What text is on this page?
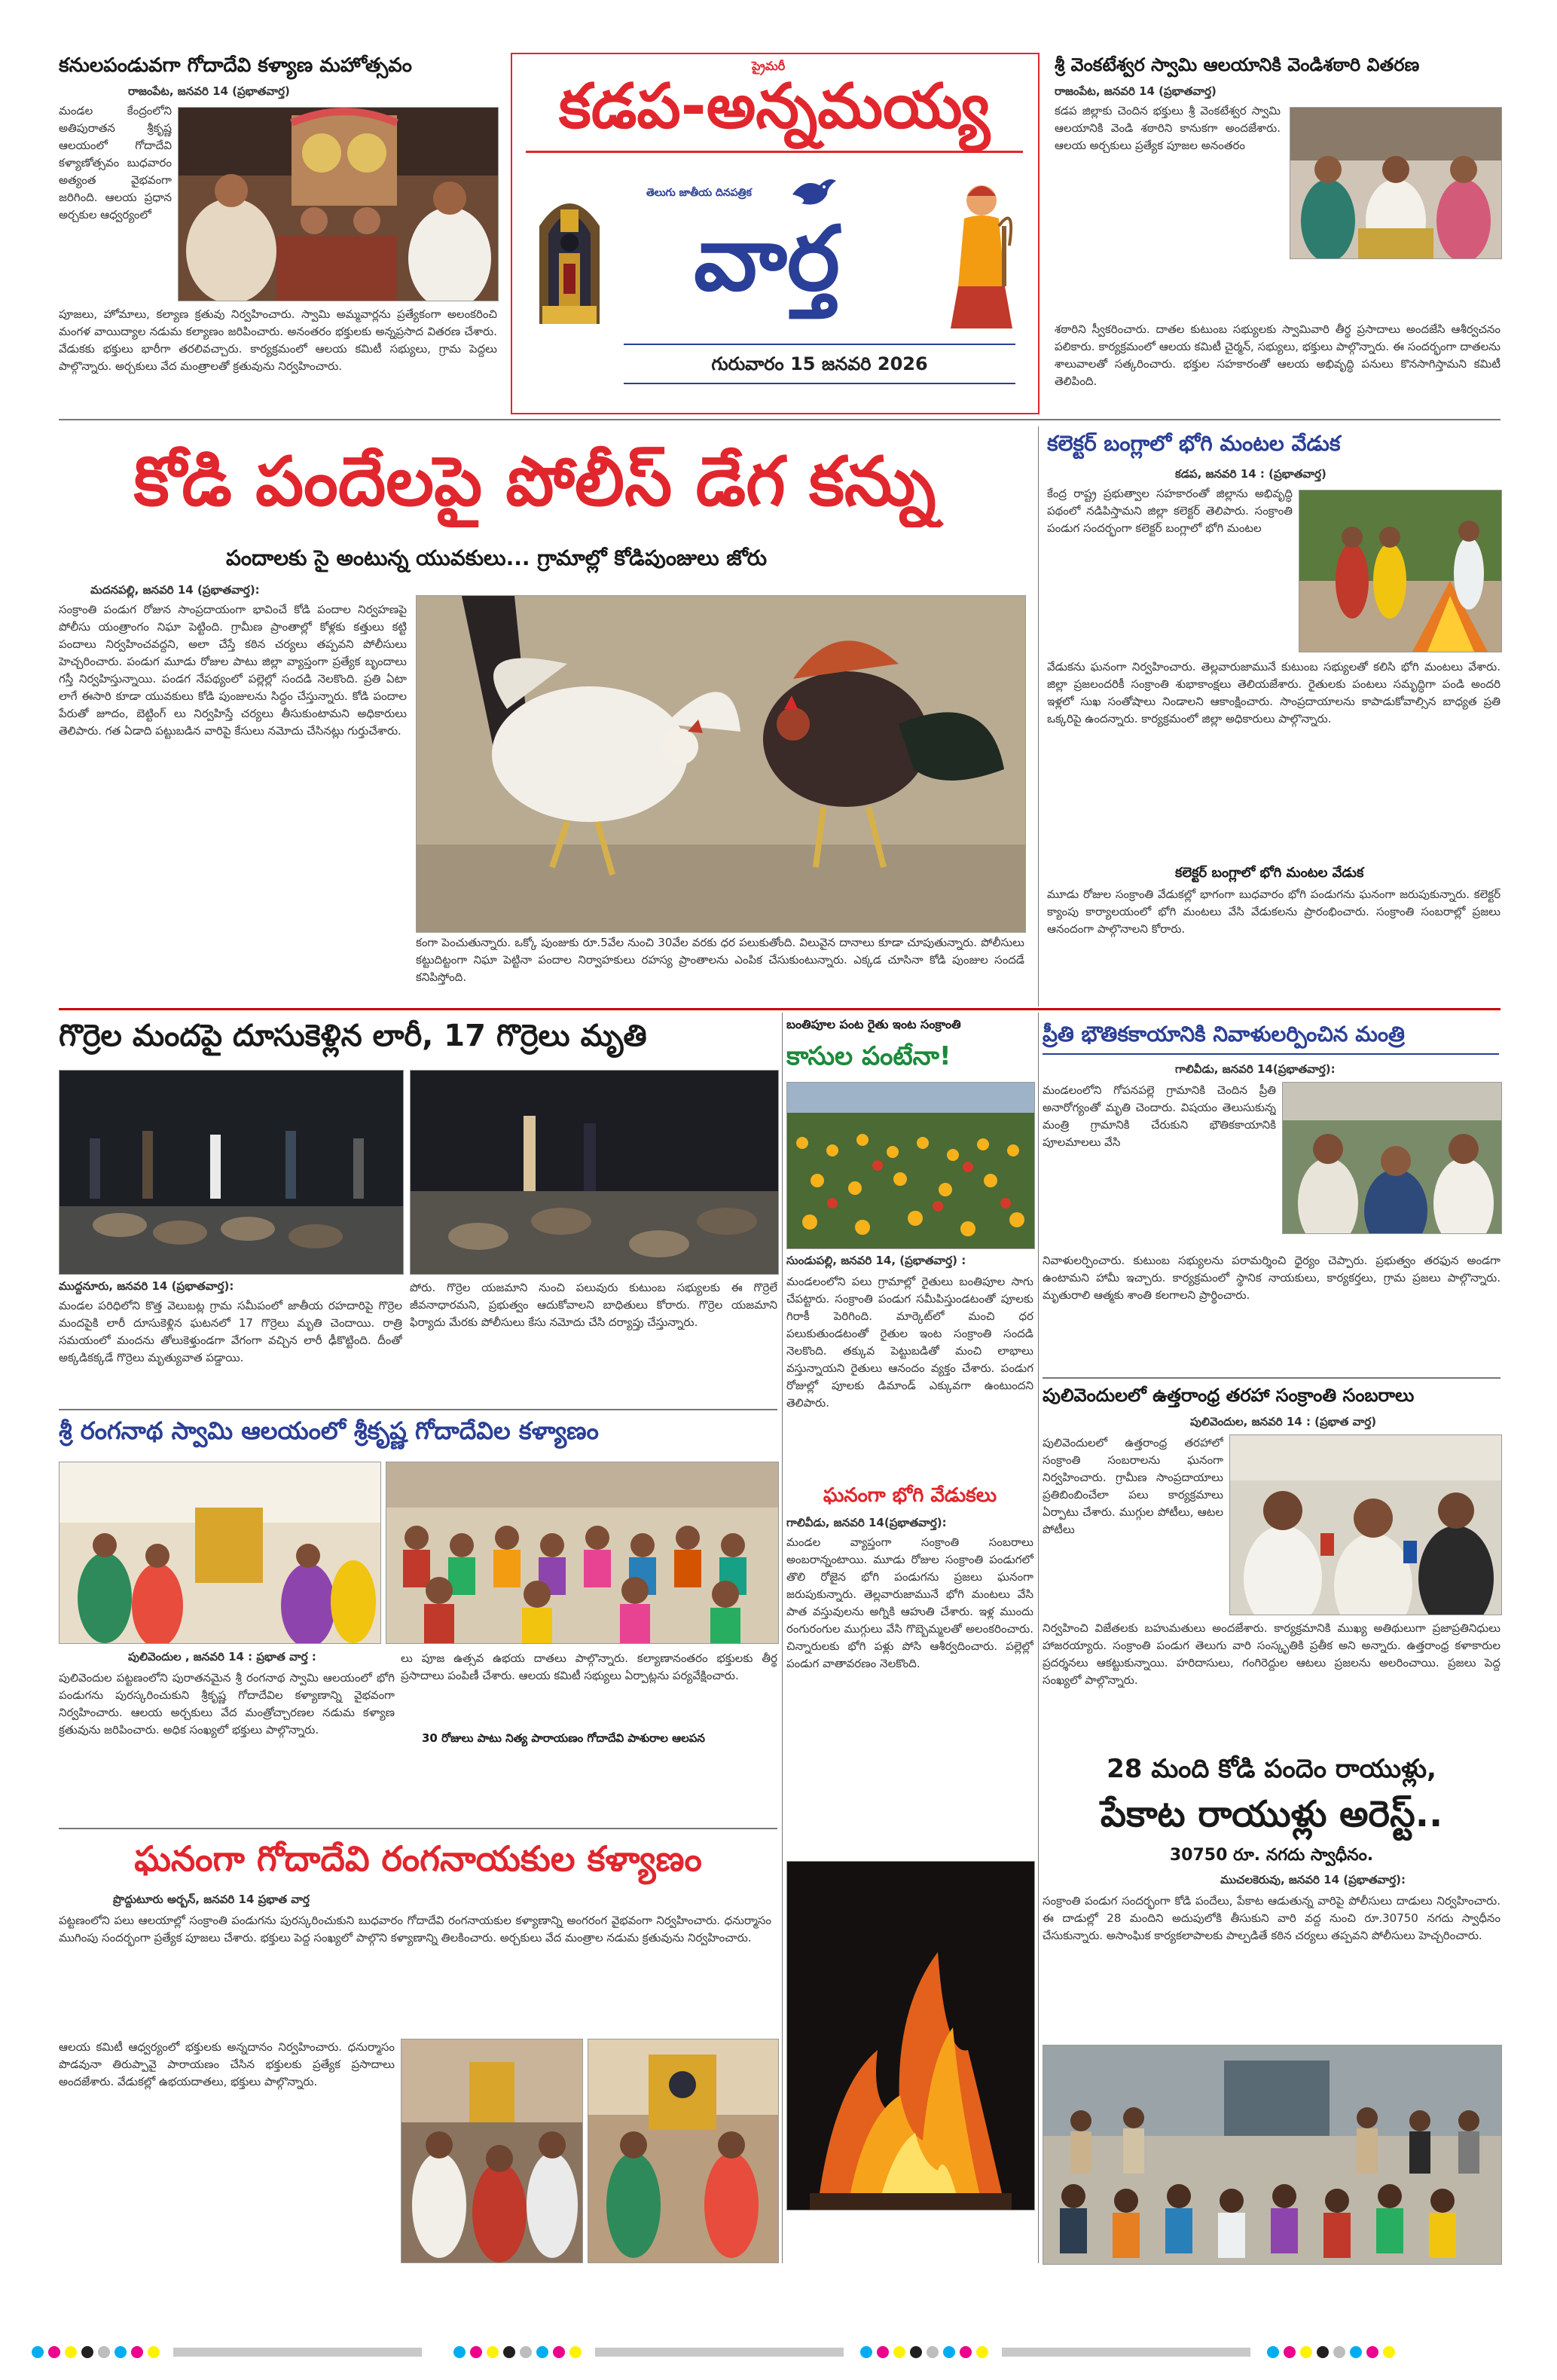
ప్రైమరీ
కడప-అన్నమయ్య
తెలుగు జాతీయ దినపత్రిక
వార్త
గురువారం 15 జనవరి 2026
కనులపండువగా గోదాదేవి కళ్యాణ మహోత్సవం
రాజంపేట, జనవరి 14 (ప్రభాతవార్త)
మండల కేంద్రంలోని అతిపురాతన శ్రీకృష్ణ ఆలయంలో గోదాదేవి కళ్యాణోత్సవం బుధవారం అత్యంత వైభవంగా జరిగింది. ఆలయ ప్రధాన అర్చకుల ఆధ్వర్యంలో
పూజలు, హోమాలు, కల్యాణ క్రతువు నిర్వహించారు. స్వామి అమ్మవార్లను ప్రత్యేకంగా అలంకరించి మంగళ వాయిద్యాల నడుమ కల్యాణం జరిపించారు. అనంతరం భక్తులకు అన్నప్రసాద వితరణ చేశారు. వేడుకకు భక్తులు భారీగా తరలివచ్చారు. కార్యక్రమంలో ఆలయ కమిటీ సభ్యులు, గ్రామ పెద్దలు పాల్గొన్నారు. అర్చకులు వేద మంత్రాలతో క్రతువును నిర్వహించారు.
శ్రీ వెంకటేశ్వర స్వామి ఆలయానికి వెండిశఠారి వితరణ
రాజంపేట, జనవరి 14 (ప్రభాతవార్త)
కడప జిల్లాకు చెందిన భక్తులు శ్రీ వెంకటేశ్వర స్వామి ఆలయానికి వెండి శఠారిని కానుకగా అందజేశారు. ఆలయ అర్చకులు ప్రత్యేక పూజల అనంతరం
శఠారిని స్వీకరించారు. దాతల కుటుంబ సభ్యులకు స్వామివారి తీర్థ ప్రసాదాలు అందజేసి ఆశీర్వచనం పలికారు. కార్యక్రమంలో ఆలయ కమిటీ చైర్మన్, సభ్యులు, భక్తులు పాల్గొన్నారు. ఈ సందర్భంగా దాతలను శాలువాలతో సత్కరించారు. భక్తుల సహకారంతో ఆలయ అభివృద్ధి పనులు కొనసాగిస్తామని కమిటీ తెలిపింది.
కోడి పందేలపై పోలీస్ డేగ కన్ను
పందాలకు సై అంటున్న యువకులు... గ్రామాల్లో కోడిపుంజులు జోరు
మదనపల్లి, జనవరి 14 (ప్రభాతవార్త):
సంక్రాంతి పండుగ రోజున సాంప్రదాయంగా భావించే కోడి పందాల నిర్వహణపై పోలీసు యంత్రాంగం నిఘా పెట్టింది. గ్రామీణ ప్రాంతాల్లో కోళ్లకు కత్తులు కట్టి పందాలు నిర్వహించవద్దని, అలా చేస్తే కఠిన చర్యలు తప్పవని పోలీసులు హెచ్చరించారు. పండుగ మూడు రోజుల పాటు జిల్లా వ్యాప్తంగా ప్రత్యేక బృందాలు గస్తీ నిర్వహిస్తున్నాయి. పండగ నేపథ్యంలో పల్లెల్లో సందడి నెలకొంది. ప్రతి ఏటా లాగే ఈసారి కూడా యువకులు కోడి పుంజులను సిద్ధం చేస్తున్నారు. కోడి పందాల పేరుతో జూదం, బెట్టింగ్ లు నిర్వహిస్తే చర్యలు తీసుకుంటామని అధికారులు తెలిపారు. గత ఏడాది పట్టుబడిన వారిపై కేసులు నమోదు చేసినట్లు గుర్తుచేశారు.
కంగా పెంచుతున్నారు. ఒక్కో పుంజుకు రూ.5వేల నుంచి 30వేల వరకు ధర పలుకుతోంది. విలువైన దానాలు కూడా చూపుతున్నారు. పోలీసులు కట్టుదిట్టంగా నిఘా పెట్టినా పందాల నిర్వాహకులు రహస్య ప్రాంతాలను ఎంపిక చేసుకుంటున్నారు. ఎక్కడ చూసినా కోడి పుంజుల సందడే కనిపిస్తోంది.
కలెక్టర్ బంగ్లాలో భోగి మంటల వేడుక
కడప, జనవరి 14 : (ప్రభాతవార్త)
కేంద్ర రాష్ట్ర ప్రభుత్వాల సహకారంతో జిల్లాను అభివృద్ధి పథంలో నడిపిస్తామని జిల్లా కలెక్టర్ తెలిపారు. సంక్రాంతి పండుగ సందర్భంగా కలెక్టర్ బంగ్లాలో భోగి మంటల
వేడుకను ఘనంగా నిర్వహించారు. తెల్లవారుజామునే కుటుంబ సభ్యులతో కలిసి భోగి మంటలు వేశారు. జిల్లా ప్రజలందరికీ సంక్రాంతి శుభాకాంక్షలు తెలియజేశారు. రైతులకు పంటలు సమృద్ధిగా పండి అందరి ఇళ్లలో సుఖ సంతోషాలు నిండాలని ఆకాంక్షించారు. సాంప్రదాయాలను కాపాడుకోవాల్సిన బాధ్యత ప్రతి ఒక్కరిపై ఉందన్నారు. కార్యక్రమంలో జిల్లా అధికారులు పాల్గొన్నారు.
కలెక్టర్ బంగ్లాలో భోగి మంటల వేడుక
మూడు రోజుల సంక్రాంతి వేడుకల్లో భాగంగా బుధవారం భోగి పండుగను ఘనంగా జరుపుకున్నారు. కలెక్టర్ క్యాంపు కార్యాలయంలో భోగి మంటలు వేసి వేడుకలను ప్రారంభించారు. సంక్రాంతి సంబరాల్లో ప్రజలు ఆనందంగా పాల్గొనాలని కోరారు.
గొర్రెల మందపై దూసుకెళ్లిన లారీ, 17 గొర్రెలు మృతి
ముద్దనూరు, జనవరి 14 (ప్రభాతవార్త):
మండల పరిధిలోని కొత్త వెలుబట్ల గ్రామ సమీపంలో జాతీయ రహదారిపై గొర్రెల మందపైకి లారీ దూసుకెళ్లిన ఘటనలో 17 గొర్రెలు మృతి చెందాయి. రాత్రి సమయంలో మందను తోలుకెళ్తుండగా వేగంగా వచ్చిన లారీ ఢీకొట్టింది. దీంతో అక్కడికక్కడే గొర్రెలు మృత్యువాత పడ్డాయి.
పోరు. గొర్రెల యజమాని నుంచి పలువురు కుటుంబ సభ్యులకు ఈ గొర్రెలే జీవనాధారమని, ప్రభుత్వం ఆదుకోవాలని బాధితులు కోరారు. గొర్రెల యజమాని ఫిర్యాదు మేరకు పోలీసులు కేసు నమోదు చేసి దర్యాప్తు చేస్తున్నారు.
బంతిపూల పంట రైతు ఇంట సంక్రాంతి
కాసుల పంటేనా!
సుండుపల్లి, జనవరి 14, (ప్రభాతవార్త) :
మండలంలోని పలు గ్రామాల్లో రైతులు బంతిపూల సాగు చేపట్టారు. సంక్రాంతి పండుగ సమీపిస్తుండటంతో పూలకు గిరాకీ పెరిగింది. మార్కెట్‌లో మంచి ధర పలుకుతుండటంతో రైతుల ఇంట సంక్రాంతి సందడి నెలకొంది. తక్కువ పెట్టుబడితో మంచి లాభాలు వస్తున్నాయని రైతులు ఆనందం వ్యక్తం చేశారు. పండుగ రోజుల్లో పూలకు డిమాండ్ ఎక్కువగా ఉంటుందని తెలిపారు.
ప్రీతి భౌతికకాయానికి నివాళులర్పించిన మంత్రి
గాలివీడు, జనవరి 14(ప్రభాతవార్త):
మండలంలోని గోపనపల్లె గ్రామానికి చెందిన ప్రీతి అనారోగ్యంతో మృతి చెందారు. విషయం తెలుసుకున్న మంత్రి గ్రామానికి చేరుకుని భౌతికకాయానికి పూలమాలలు వేసి
నివాళులర్పించారు. కుటుంబ సభ్యులను పరామర్శించి ధైర్యం చెప్పారు. ప్రభుత్వం తరఫున అండగా ఉంటామని హామీ ఇచ్చారు. కార్యక్రమంలో స్థానిక నాయకులు, కార్యకర్తలు, గ్రామ ప్రజలు పాల్గొన్నారు. మృతురాలి ఆత్మకు శాంతి కలగాలని ప్రార్థించారు.
పులివెందులలో ఉత్తరాంధ్ర తరహా సంక్రాంతి సంబరాలు
పులివెందుల, జనవరి 14 : (ప్రభాత వార్త)
పులివెందులలో ఉత్తరాంధ్ర తరహాలో సంక్రాంతి సంబరాలను ఘనంగా నిర్వహించారు. గ్రామీణ సాంప్రదాయాలు ప్రతిబింబించేలా పలు కార్యక్రమాలు ఏర్పాటు చేశారు. ముగ్గుల పోటీలు, ఆటల పోటీలు
నిర్వహించి విజేతలకు బహుమతులు అందజేశారు. కార్యక్రమానికి ముఖ్య అతిథులుగా ప్రజాప్రతినిధులు హాజరయ్యారు. సంక్రాంతి పండుగ తెలుగు వారి సంస్కృతికి ప్రతీక అని అన్నారు. ఉత్తరాంధ్ర కళాకారుల ప్రదర్శనలు ఆకట్టుకున్నాయి. హరిదాసులు, గంగిరెద్దుల ఆటలు ప్రజలను అలరించాయి. ప్రజలు పెద్ద సంఖ్యలో పాల్గొన్నారు.
శ్రీ రంగనాథ స్వామి ఆలయంలో శ్రీకృష్ణ గోదాదేవిల కళ్యాణం
పులివెందుల , జనవరి 14 : ప్రభాత వార్త :
పులివెందుల పట్టణంలోని పురాతనమైన శ్రీ రంగనాథ స్వామి ఆలయంలో భోగి పండుగను పురస్కరించుకుని శ్రీకృష్ణ గోదాదేవిల కళ్యాణాన్ని వైభవంగా నిర్వహించారు. ఆలయ అర్చకులు వేద మంత్రోచ్చారణల నడుమ కళ్యాణ క్రతువును జరిపించారు. అధిక సంఖ్యలో భక్తులు పాల్గొన్నారు.
లు పూజ ఉత్సవ ఉభయ దాతలు పాల్గొన్నారు. కల్యాణానంతరం భక్తులకు తీర్థ ప్రసాదాలు పంపిణీ చేశారు. ఆలయ కమిటీ సభ్యులు ఏర్పాట్లను పర్యవేక్షించారు.
30 రోజులు పాటు నిత్య పారాయణం గోదాదేవి పాశురాల ఆలపన
ఘనంగా భోగి వేడుకలు
గాలివీడు, జనవరి 14(ప్రభాతవార్త):
మండల వ్యాప్తంగా సంక్రాంతి సంబరాలు అంబరాన్నంటాయి. మూడు రోజుల సంక్రాంతి పండుగలో తొలి రోజైన భోగి పండుగను ప్రజలు ఘనంగా జరుపుకున్నారు. తెల్లవారుజామునే భోగి మంటలు వేసి పాత వస్తువులను అగ్నికి ఆహుతి చేశారు. ఇళ్ల ముందు రంగురంగుల ముగ్గులు వేసి గొబ్బెమ్మలతో అలంకరించారు. చిన్నారులకు భోగి పళ్లు పోసి ఆశీర్వదించారు. పల్లెల్లో పండుగ వాతావరణం నెలకొంది.
28 మంది కోడి పందెం రాయుళ్లు,
పేకాట రాయుళ్లు అరెస్ట్..
30750 రూ. నగదు స్వాధీనం.
ముచలకెరువు, జనవరి 14 (ప్రభాతవార్త):
సంక్రాంతి పండుగ సందర్భంగా కోడి పందేలు, పేకాట ఆడుతున్న వారిపై పోలీసులు దాడులు నిర్వహించారు. ఈ దాడుల్లో 28 మందిని అదుపులోకి తీసుకుని వారి వద్ద నుంచి రూ.30750 నగదు స్వాధీనం చేసుకున్నారు. అసాంఘిక కార్యకలాపాలకు పాల్పడితే కఠిన చర్యలు తప్పవని పోలీసులు హెచ్చరించారు.
ఘనంగా గోదాదేవి రంగనాయకుల కళ్యాణం
ప్రొద్దుటూరు అర్బన్, జనవరి 14 ప్రభాత వార్త
పట్టణంలోని పలు ఆలయాల్లో సంక్రాంతి పండుగను పురస్కరించుకుని బుధవారం గోదాదేవి రంగనాయకుల కళ్యాణాన్ని అంగరంగ వైభవంగా నిర్వహించారు. ధనుర్మాసం ముగింపు సందర్భంగా ప్రత్యేక పూజలు చేశారు. భక్తులు పెద్ద సంఖ్యలో పాల్గొని కళ్యాణాన్ని తిలకించారు. అర్చకులు వేద మంత్రాల నడుమ క్రతువును నిర్వహించారు.
ఆలయ కమిటీ ఆధ్వర్యంలో భక్తులకు అన్నదానం నిర్వహించారు. ధనుర్మాసం పొడవునా తిరుప్పావై పారాయణం చేసిన భక్తులకు ప్రత్యేక ప్రసాదాలు అందజేశారు. వేడుకల్లో ఉభయదాతలు, భక్తులు పాల్గొన్నారు.
